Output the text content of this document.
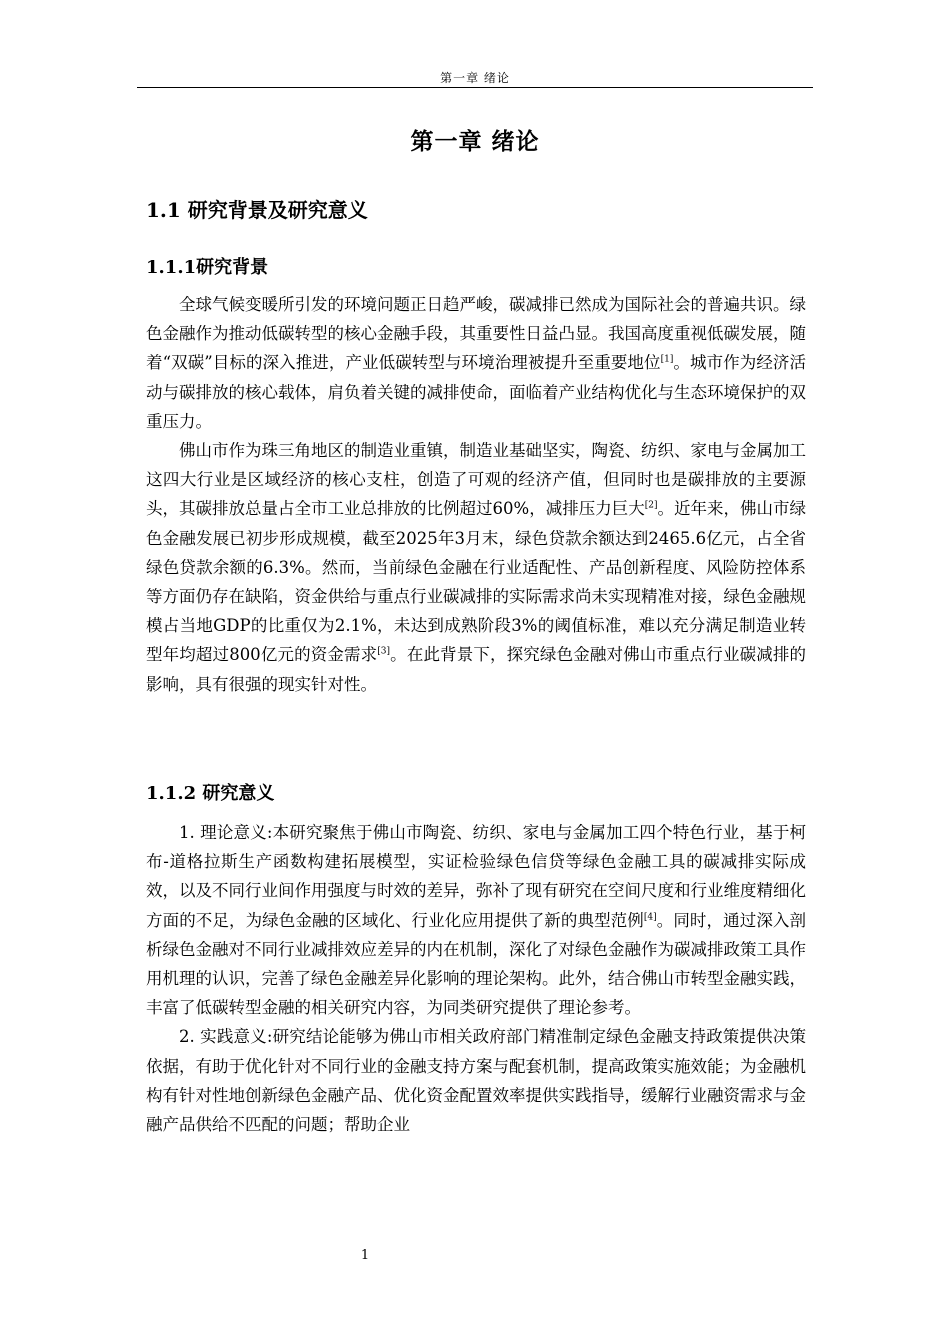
第一章 绪论
第一章 绪论
1.1 研究背景及研究意义
1.1.1研究背景

全球气候变暖所引发的环境问题正日趋严峻，碳减排已然成为国际社会的普遍共识。绿色金融作为推动低碳转型的核心金融手段，其重要性日益凸显。我国高度重视低碳发展，随着“双碳”目标的深入推进，产业低碳转型与环境治理被提升至重要地位[1]。城市作为经济活动与碳排放的核心载体，肩负着关键的减排使命，面临着产业结构优化与生态环境保护的双重压力。

佛山市作为珠三角地区的制造业重镇，制造业基础坚实，陶瓷、纺织、家电与金属加工这四大行业是区域经济的核心支柱，创造了可观的经济产值，但同时也是碳排放的主要源头，其碳排放总量占全市工业总排放的比例超过60%，减排压力巨大[2]。近年来，佛山市绿色金融发展已初步形成规模，截至2025年3月末，绿色贷款余额达到2465.6亿元，占全省绿色贷款余额的6.3%。然而，当前绿色金融在行业适配性、产品创新程度、风险防控体系等方面仍存在缺陷，资金供给与重点行业碳减排的实际需求尚未实现精准对接，绿色金融规模占当地GDP的比重仅为2.1%，未达到成熟阶段3%的阈值标准，难以充分满足制造业转型年均超过800亿元的资金需求[3]。在此背景下，探究绿色金融对佛山市重点行业碳减排的影响，具有很强的现实针对性。

1.1.2 研究意义

1. 理论意义:本研究聚焦于佛山市陶瓷、纺织、家电与金属加工四个特色行业，基于柯布-道格拉斯生产函数构建拓展模型，实证检验绿色信贷等绿色金融工具的碳减排实际成效，以及不同行业间作用强度与时效的差异，弥补了现有研究在空间尺度和行业维度精细化方面的不足，为绿色金融的区域化、行业化应用提供了新的典型范例[4]。同时，通过深入剖析绿色金融对不同行业减排效应差异的内在机制，深化了对绿色金融作为碳减排政策工具作用机理的认识，完善了绿色金融差异化影响的理论架构。此外，结合佛山市转型金融实践，丰富了低碳转型金融的相关研究内容，为同类研究提供了理论参考。

2. 实践意义:研究结论能够为佛山市相关政府部门精准制定绿色金融支持政策提供决策依据，有助于优化针对不同行业的金融支持方案与配套机制，提高政策实施效能；为金融机构有针对性地创新绿色金融产品、优化资金配置效率提供实践指导，缓解行业融资需求与金融产品供给不匹配的问题；帮助企业

1
